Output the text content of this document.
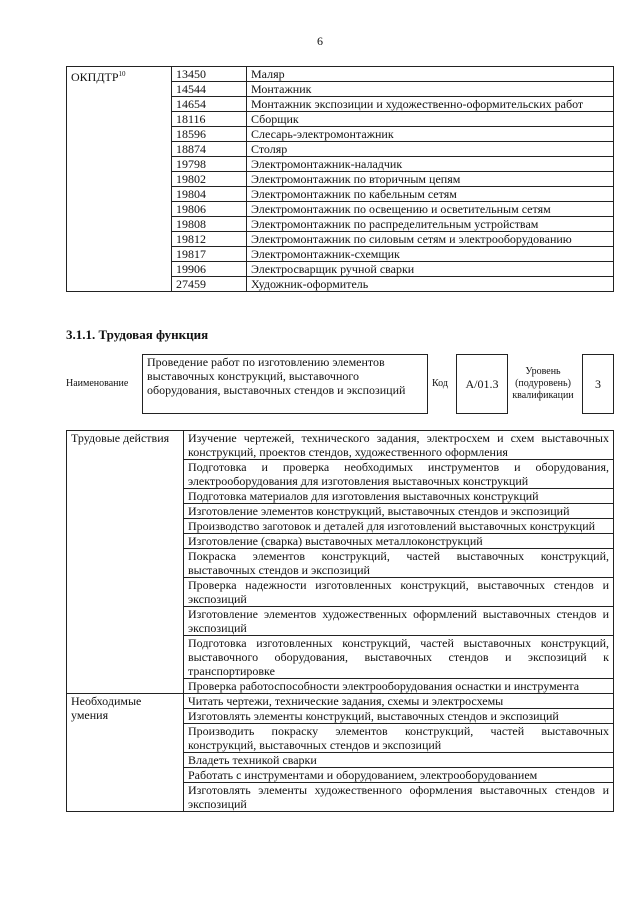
6
ОКПДТР$^{10}$	13450	Маляр
	14544	Монтажник
	14654	Монтажник экспозиции и художественно-оформительских работ
	18116	Сборщик
	18596	Слесарь-электромонтажник
	18874	Столяр
	19798	Электромонтажник-наладчик
	19802	Электромонтажник по вторичным цепям
	19804	Электромонтажник по кабельным сетям
	19806	Электромонтажник по освещению и осветительным сетям
	19808	Электромонтажник по распределительным устройствам
	19812	Электромонтажник по силовым сетям и электрооборудованию
	19817	Электромонтажник-схемщик
	19906	Электросварщик ручной сварки
	27459	Художник-оформитель
3.1.1. Трудовая функция
Наименование
Проведение работ по изготовлению элементов выставочных конструкций, выставочного оборудования, выставочных стендов и экспозиций	Код	А/01.3
Уровень (подуровень) квалификации
3
Трудовые действия	Изучение чертежей, технического задания, электросхем и схем выставочных конструкций, проектов стендов, художественного оформления
	Подготовка и проверка необходимых инструментов и оборудования, электрооборудования для изготовления выставочных конструкций
	Подготовка материалов для изготовления выставочных конструкций
	Изготовление элементов конструкций, выставочных стендов и экспозиций
	Производство заготовок и деталей для изготовлений выставочных конструкций
	Изготовление (сварка) выставочных металлоконструкций
	Покраска элементов конструкций, частей выставочных конструкций, выставочных стендов и экспозиций
	Проверка надежности изготовленных конструкций, выставочных стендов и экспозиций
	Изготовление элементов художественных оформлений выставочных стендов и экспозиций
	Подготовка изготовленных конструкций, частей выставочных конструкций, выставочного оборудования, выставочных стендов и экспозиций к транспортировке
	Проверка работоспособности электрооборудования оснастки и инструмента
Необходимые умения	Читать чертежи, технические задания, схемы и электросхемы
	Изготовлять элементы конструкций, выставочных стендов и экспозиций
	Производить покраску элементов конструкций, частей выставочных конструкций, выставочных стендов и экспозиций
	Владеть техникой сварки
	Работать с инструментами и оборудованием, электрооборудованием
	Изготовлять элементы художественного оформления выставочных стендов и экспозиций
